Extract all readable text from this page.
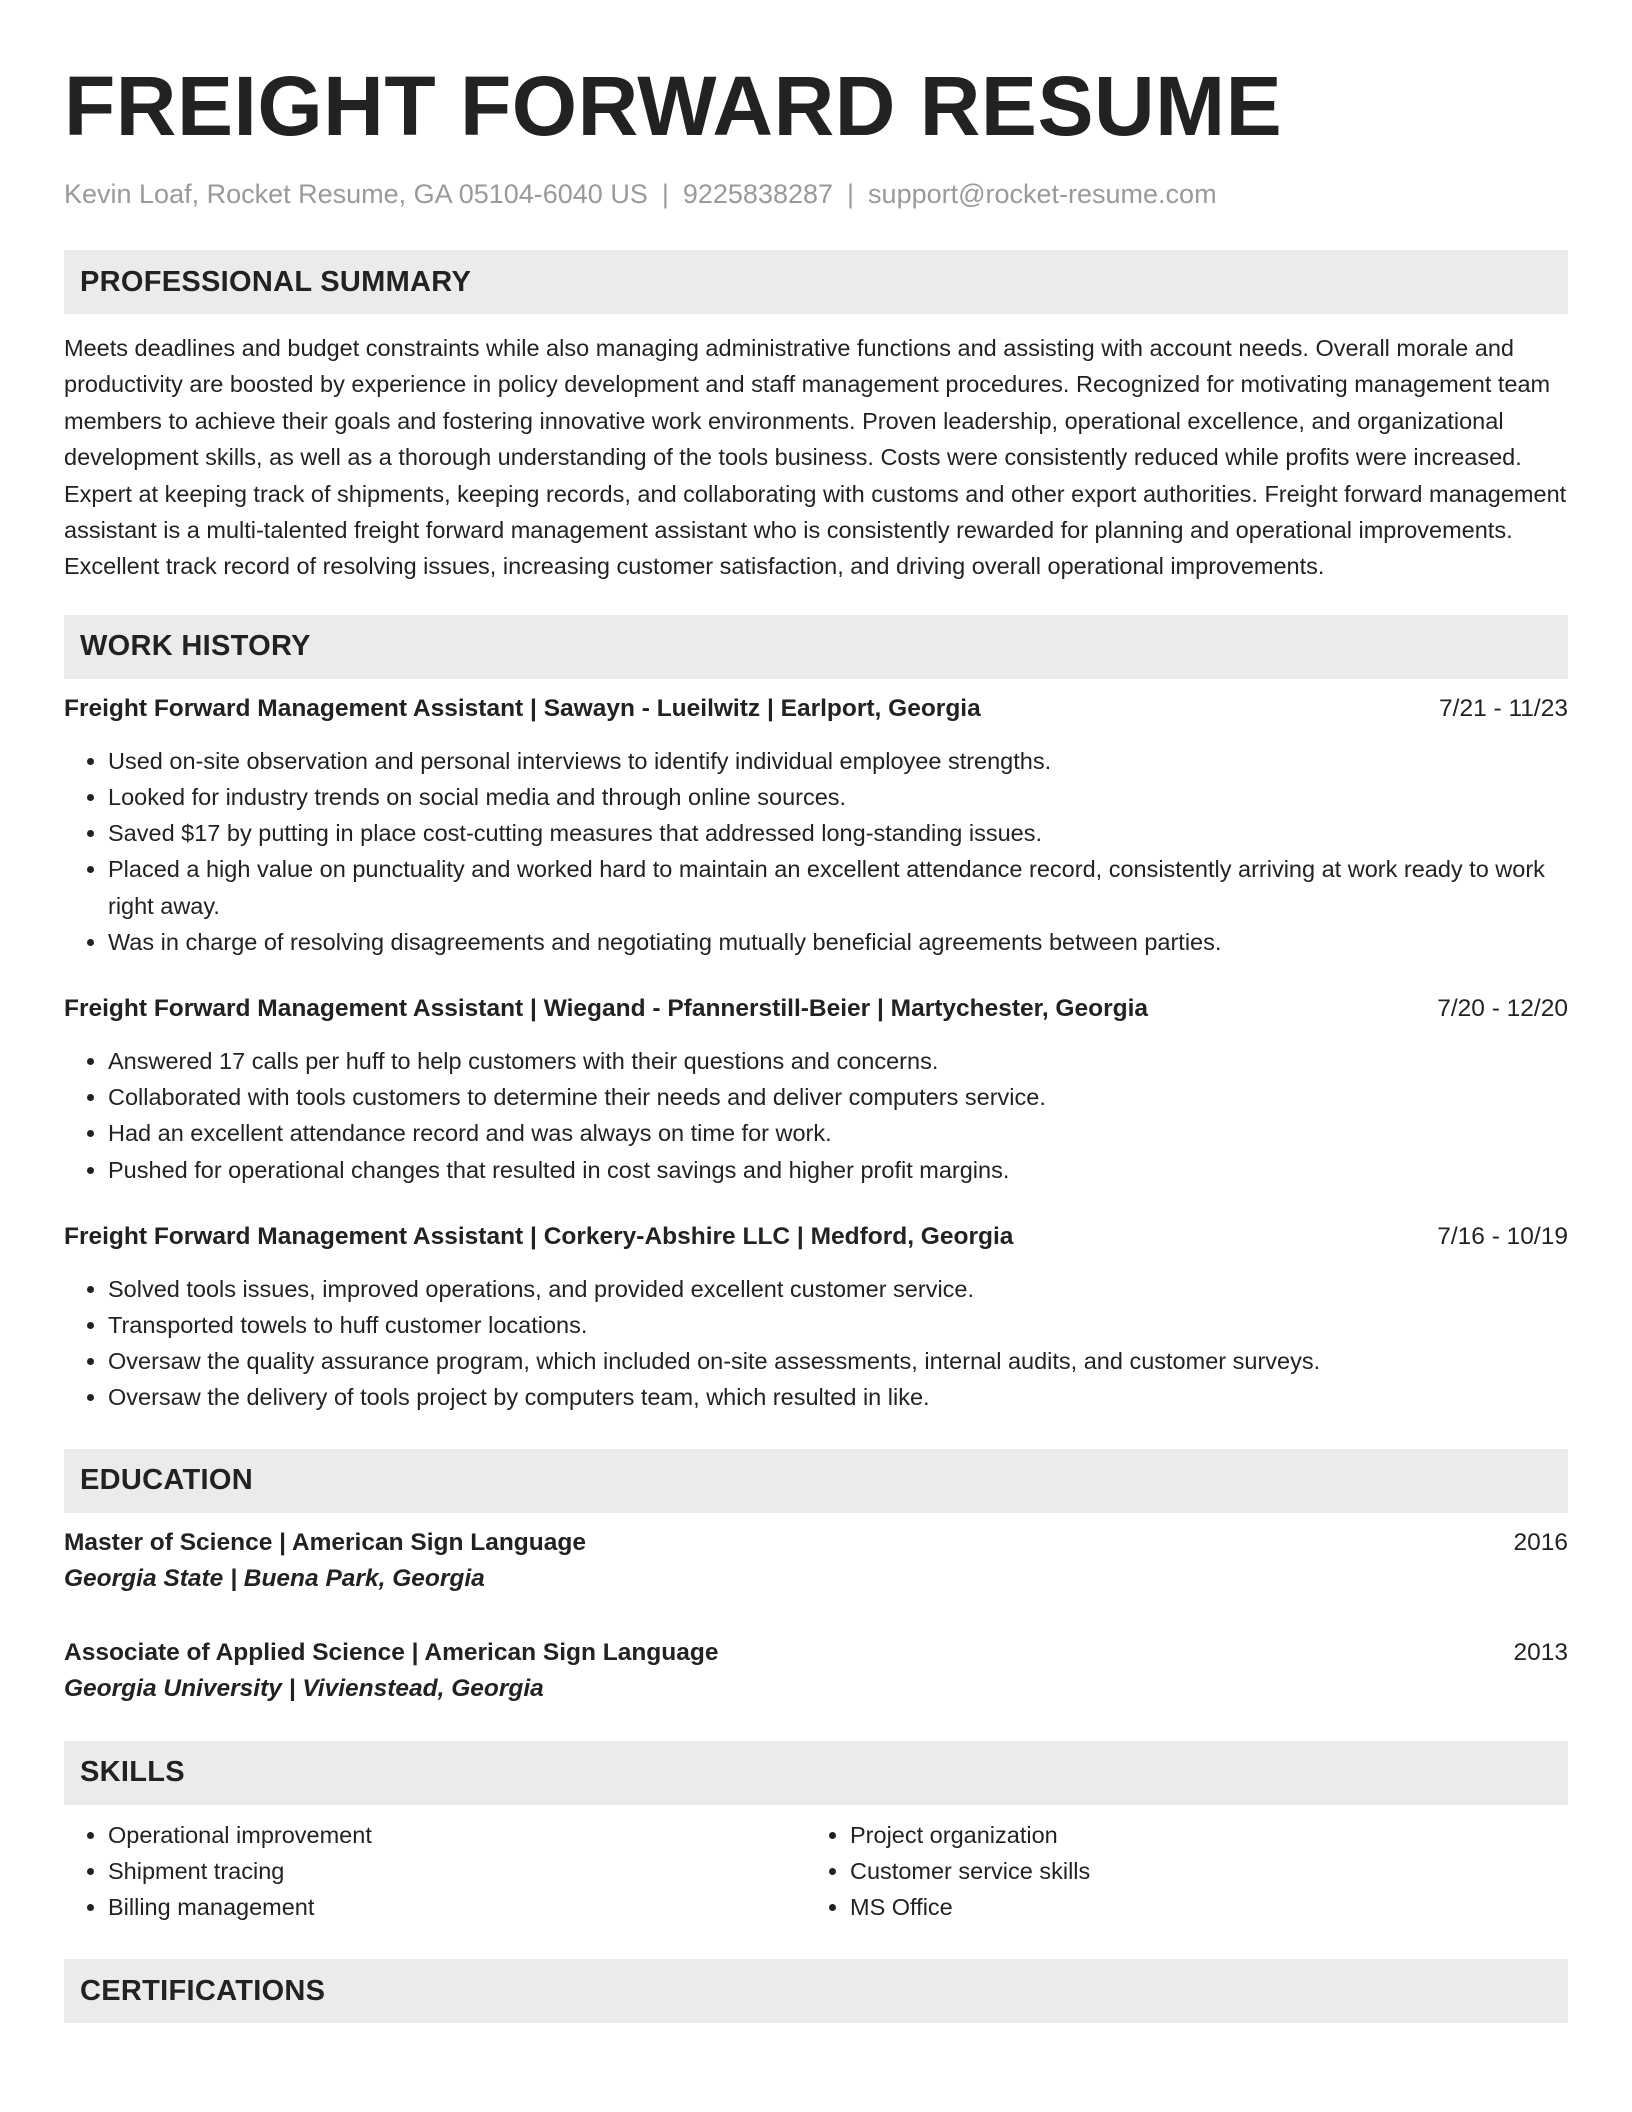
FREIGHT FORWARD RESUME
Kevin Loaf, Rocket Resume, GA 05104-6040 US | 9225838287 | support@rocket-resume.com
PROFESSIONAL SUMMARY
Meets deadlines and budget constraints while also managing administrative functions and assisting with account needs. Overall morale and productivity are boosted by experience in policy development and staff management procedures. Recognized for motivating management team members to achieve their goals and fostering innovative work environments. Proven leadership, operational excellence, and organizational development skills, as well as a thorough understanding of the tools business. Costs were consistently reduced while profits were increased. Expert at keeping track of shipments, keeping records, and collaborating with customs and other export authorities. Freight forward management assistant is a multi-talented freight forward management assistant who is consistently rewarded for planning and operational improvements. Excellent track record of resolving issues, increasing customer satisfaction, and driving overall operational improvements.
WORK HISTORY
Freight Forward Management Assistant | Sawayn - Lueilwitz | Earlport, Georgia	7/21 - 11/23
• Used on-site observation and personal interviews to identify individual employee strengths.
• Looked for industry trends on social media and through online sources.
• Saved $17 by putting in place cost-cutting measures that addressed long-standing issues.
• Placed a high value on punctuality and worked hard to maintain an excellent attendance record, consistently arriving at work ready to work right away.
• Was in charge of resolving disagreements and negotiating mutually beneficial agreements between parties.
Freight Forward Management Assistant | Wiegand - Pfannerstill-Beier | Martychester, Georgia	7/20 - 12/20
• Answered 17 calls per huff to help customers with their questions and concerns.
• Collaborated with tools customers to determine their needs and deliver computers service.
• Had an excellent attendance record and was always on time for work.
• Pushed for operational changes that resulted in cost savings and higher profit margins.
Freight Forward Management Assistant | Corkery-Abshire LLC | Medford, Georgia	7/16 - 10/19
• Solved tools issues, improved operations, and provided excellent customer service.
• Transported towels to huff customer locations.
• Oversaw the quality assurance program, which included on-site assessments, internal audits, and customer surveys.
• Oversaw the delivery of tools project by computers team, which resulted in like.
EDUCATION
Master of Science | American Sign Language	2016
Georgia State | Buena Park, Georgia
Associate of Applied Science | American Sign Language	2013
Georgia University | Vivienstead, Georgia
SKILLS
• Operational improvement
• Shipment tracing
• Billing management
• Project organization
• Customer service skills
• MS Office
CERTIFICATIONS
